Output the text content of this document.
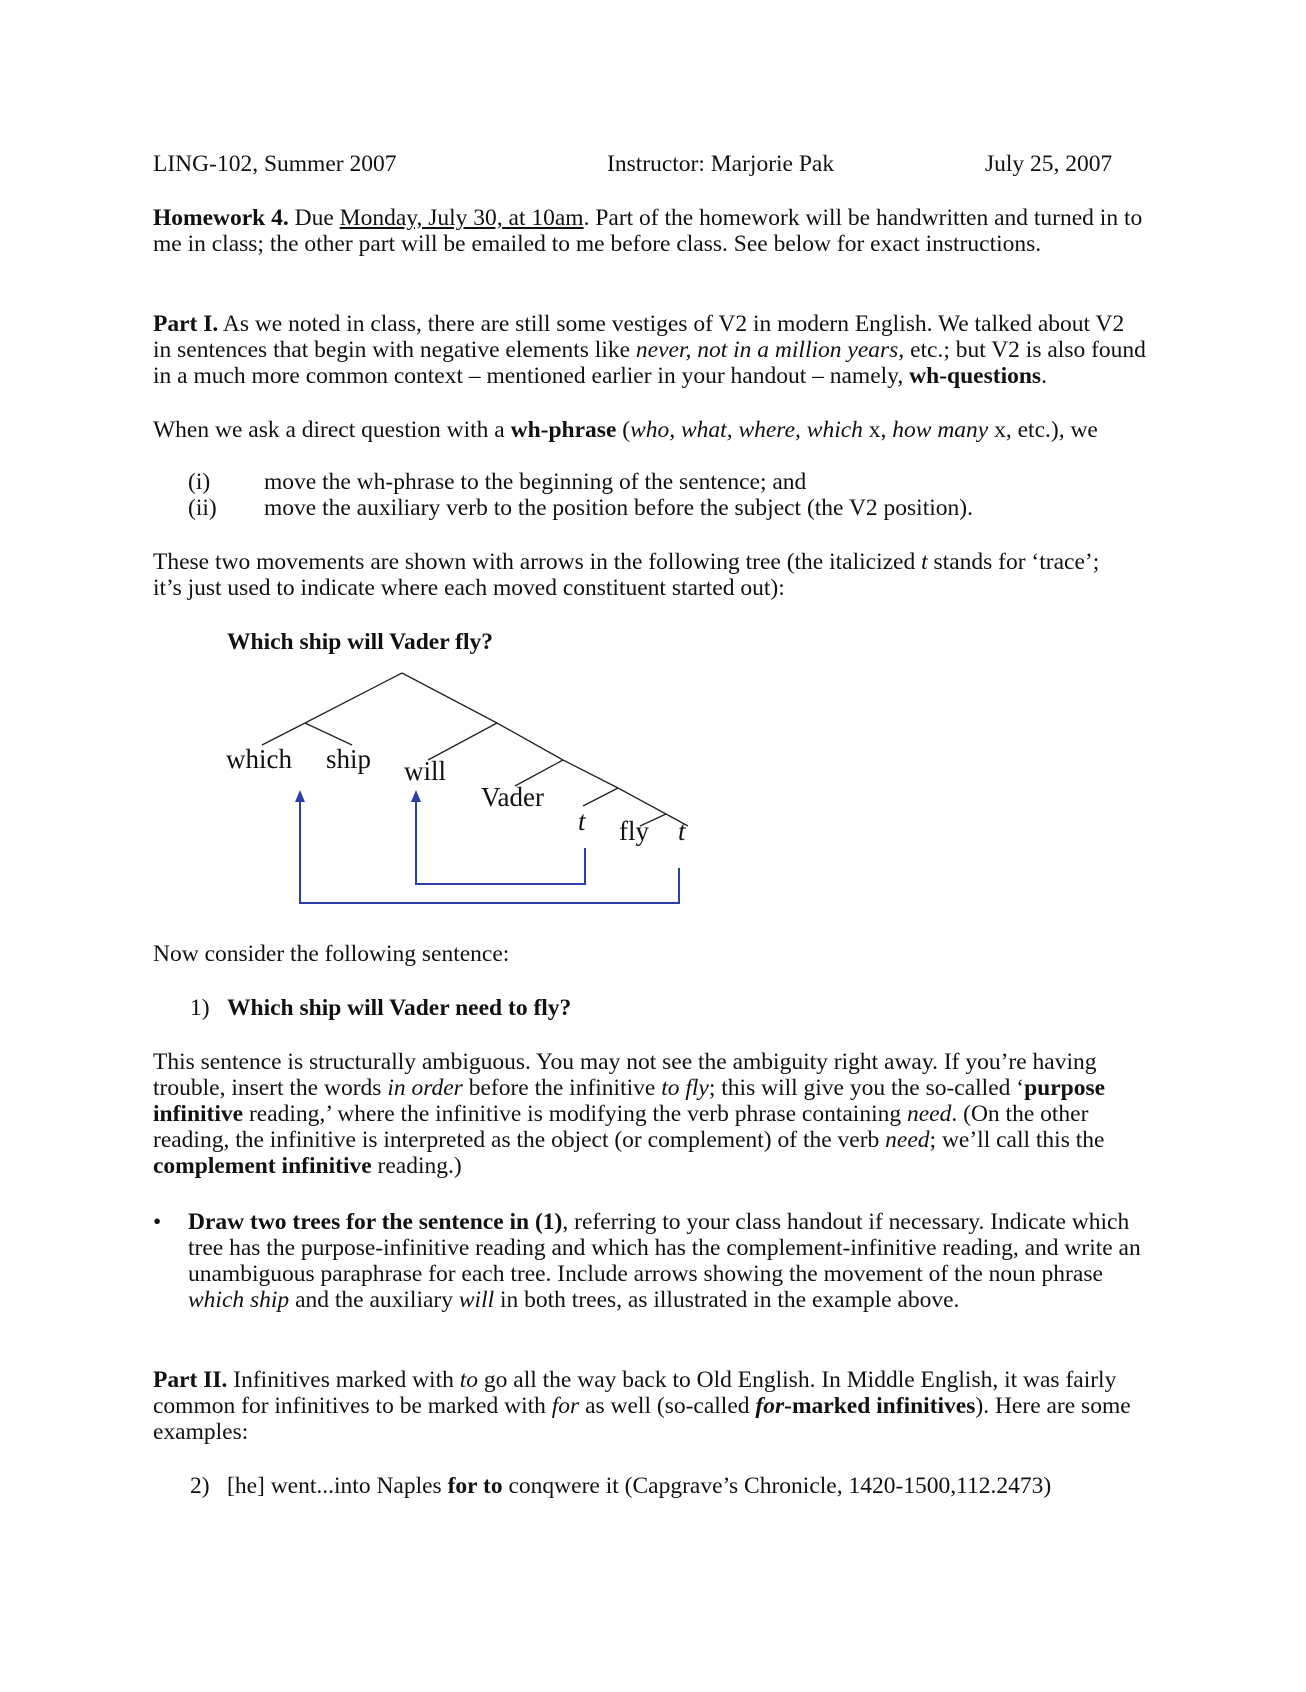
LING-102, Summer 2007	Instructor: Marjorie Pak	July 25, 2007
Homework 4. Due Monday, July 30, at 10am. Part of the homework will be handwritten and turned in to
me in class; the other part will be emailed to me before class. See below for exact instructions.
Part I. As we noted in class, there are still some vestiges of V2 in modern English. We talked about V2
in sentences that begin with negative elements like never, not in a million years, etc.; but V2 is also found
in a much more common context – mentioned earlier in your handout – namely, wh-questions.
When we ask a direct question with a wh-phrase (who, what, where, which x, how many x, etc.), we
(i) move the wh-phrase to the beginning of the sentence; and
(ii) move the auxiliary verb to the position before the subject (the V2 position).
These two movements are shown with arrows in the following tree (the italicized t stands for ‘trace’;
it’s just used to indicate where each moved constituent started out):
Which ship will Vader fly?
which ship will
Vader
t fly t
Now consider the following sentence:
1) Which ship will Vader need to fly?
This sentence is structurally ambiguous. You may not see the ambiguity right away. If you’re having
trouble, insert the words in order before the infinitive to fly; this will give you the so-called ‘purpose
infinitive reading,’ where the infinitive is modifying the verb phrase containing need. (On the other
reading, the infinitive is interpreted as the object (or complement) of the verb need; we’ll call this the
complement infinitive reading.)
• Draw two trees for the sentence in (1), referring to your class handout if necessary. Indicate which
tree has the purpose-infinitive reading and which has the complement-infinitive reading, and write an
unambiguous paraphrase for each tree. Include arrows showing the movement of the noun phrase
which ship and the auxiliary will in both trees, as illustrated in the example above.
Part II. Infinitives marked with to go all the way back to Old English. In Middle English, it was fairly
common for infinitives to be marked with for as well (so-called for-marked infinitives). Here are some
examples:
2) [he] went...into Naples for to conqwere it (Capgrave’s Chronicle, 1420-1500,112.2473)
